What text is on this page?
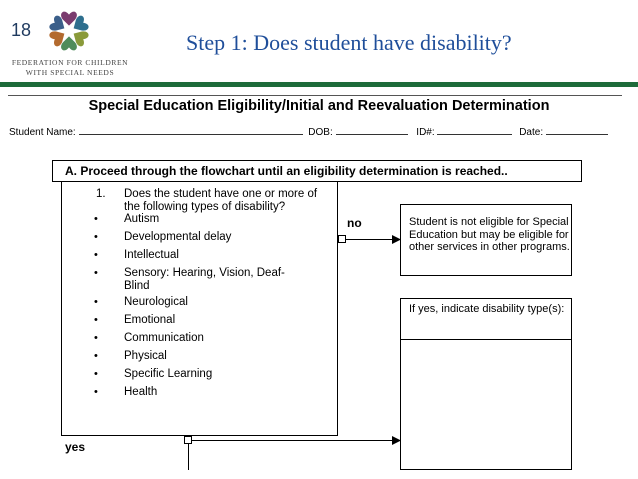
18
FEDERATION FOR CHILDREN
WITH SPECIAL NEEDS
Step 1: Does student have disability?
Special Education Eligibility/Initial and Reevaluation Determination
Student Name:	DOB:	ID#:	Date:
A. Proceed through the flowchart until an eligibility determination is reached..
1. Does the student have one or more of the following types of disability?
• Autism
• Developmental delay
• Intellectual
• Sensory: Hearing, Vision, Deaf-
Blind
• Neurological
• Emotional
• Communication
• Physical
• Specific Learning
• Health
no	Student is not eligible for Special Education but may be eligible for other services in other programs.
If yes, indicate disability type(s):
yes
